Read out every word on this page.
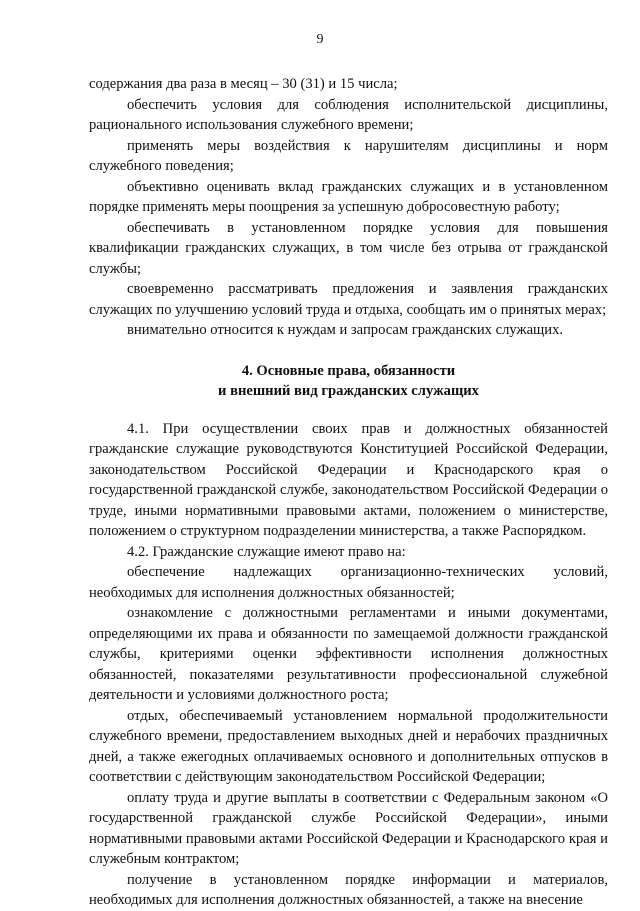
9

содержания два раза в месяц – 30 (31) и 15 числа;

обеспечить условия для соблюдения исполнительской дисциплины, рационального использования служебного времени;

применять меры воздействия к нарушителям дисциплины и норм служебного поведения;

объективно оценивать вклад гражданских служащих и в установленном порядке применять меры поощрения за успешную добросовестную работу;

обеспечивать в установленном порядке условия для повышения квалификации гражданских служащих, в том числе без отрыва от гражданской службы;

своевременно рассматривать предложения и заявления гражданских служащих по улучшению условий труда и отдыха, сообщать им о принятых мерах;

внимательно относится к нуждам и запросам гражданских служащих.

4. Основные права, обязанности
и внешний вид гражданских служащих

4.1. При осуществлении своих прав и должностных обязанностей гражданские служащие руководствуются Конституцией Российской Федерации, законодательством Российской Федерации и Краснодарского края о государственной гражданской службе, законодательством Российской Федерации о труде, иными нормативными правовыми актами, положением о министерстве, положением о структурном подразделении министерства, а также Распорядком.

4.2. Гражданские служащие имеют право на:

обеспечение надлежащих организационно-технических условий, необходимых для исполнения должностных обязанностей;

ознакомление с должностными регламентами и иными документами, определяющими их права и обязанности по замещаемой должности гражданской службы, критериями оценки эффективности исполнения должностных обязанностей, показателями результативности профессиональной служебной деятельности и условиями должностного роста;

отдых, обеспечиваемый установлением нормальной продолжительности служебного времени, предоставлением выходных дней и нерабочих праздничных дней, а также ежегодных оплачиваемых основного и дополнительных отпусков в соответствии с действующим законодательством Российской Федерации;

оплату труда и другие выплаты в соответствии с Федеральным законом «О государственной гражданской службе Российской Федерации», иными нормативными правовыми актами Российской Федерации и Краснодарского края и служебным контрактом;

получение в установленном порядке информации и материалов, необходимых для исполнения должностных обязанностей, а также на внесение
